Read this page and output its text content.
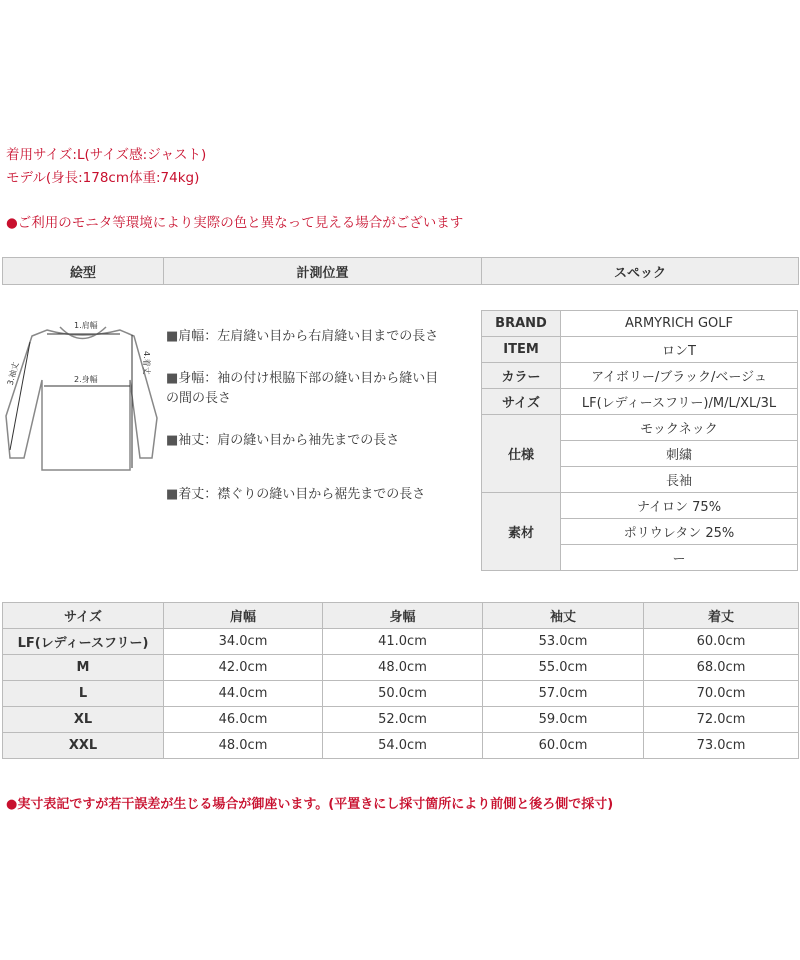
着用サイズ:L(サイズ感:ジャスト)
モデル(身長:178cm体重:74kg)
●ご利用のモニタ等環境により実際の色と異なって見える場合がございます
絵型	計測位置	スペック
1.肩幅
2.身幅
3.袖丈	4.着丈
■肩幅：左肩縫い目から右肩縫い目までの長さ
■身幅：袖の付け根脇下部の縫い目から縫い目
の間の長さ
■袖丈：肩の縫い目から袖先までの長さ
■着丈：襟ぐりの縫い目から裾先までの長さ
BRAND	ARMYRICH GOLF
ITEM	ロンT
カラー	アイボリー/ブラック/ベージュ
サイズ	LF(レディースフリー)/M/L/XL/3L
仕様	モックネック
	刺繍
	長袖
素材	ナイロン 75%
	ポリウレタン 25%
	ー
サイズ	肩幅	身幅	袖丈	着丈
LF(レディースフリー)	34.0cm	41.0cm	53.0cm	60.0cm
M	42.0cm	48.0cm	55.0cm	68.0cm
L	44.0cm	50.0cm	57.0cm	70.0cm
XL	46.0cm	52.0cm	59.0cm	72.0cm
XXL	48.0cm	54.0cm	60.0cm	73.0cm
●実寸表記ですが若干誤差が生じる場合が御座います。(平置きにし採寸箇所により前側と後ろ側で採寸)
